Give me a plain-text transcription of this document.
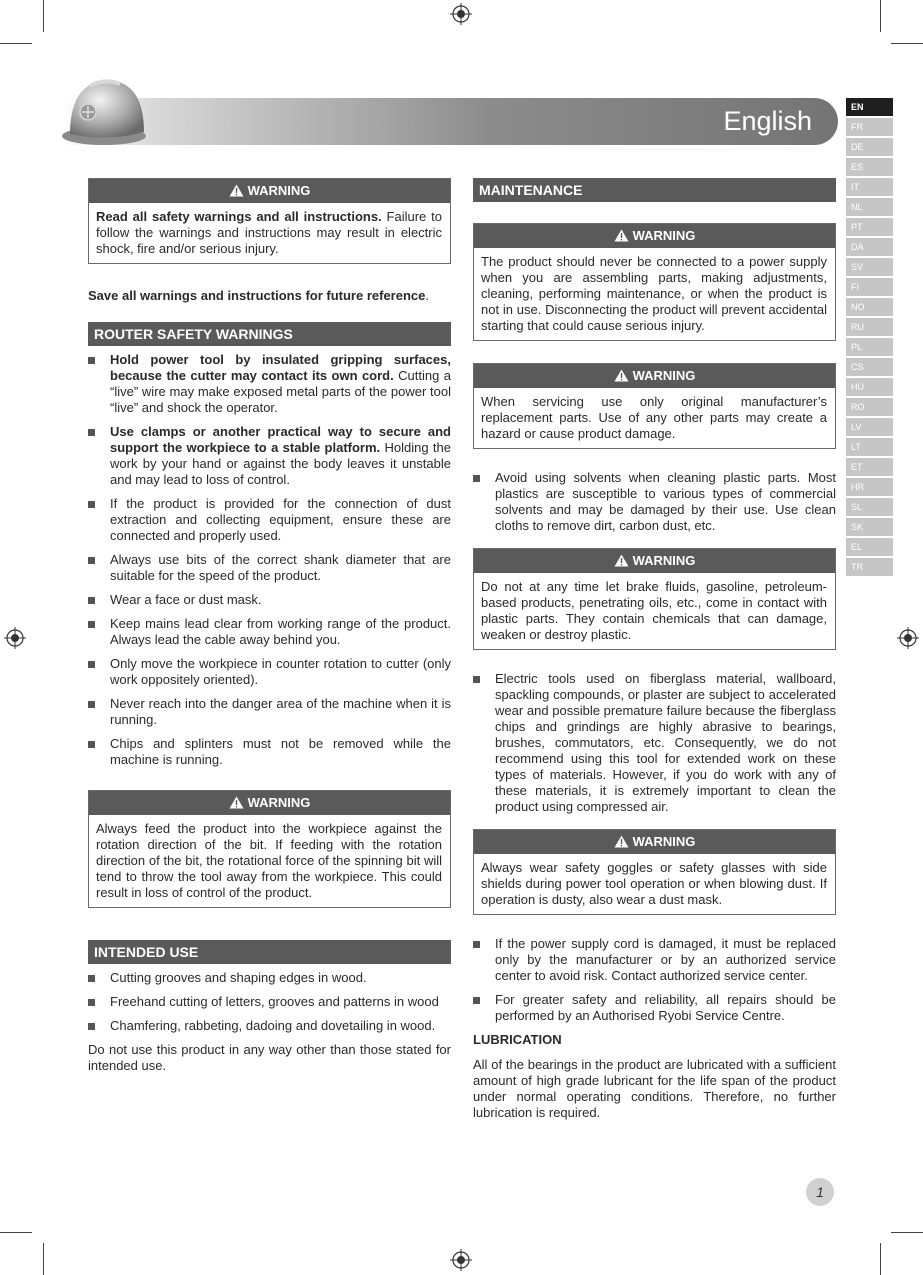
English	EN
FR
DE
ES
IT
NL
PT
DA
SV
FI
NO
RU
PL
CS
HU
RO
LV
LT
ET
HR
SL
SK
EL
TR
WARNING
Read all safety warnings and all instructions. Failure to follow the warnings and instructions may result in electric shock, fire and/or serious injury.

Save all warnings and instructions for future reference.

ROUTER SAFETY WARNINGS
Hold power tool by insulated gripping surfaces, because the cutter may contact its own cord. Cutting a “live” wire may make exposed metal parts of the power tool “live” and shock the operator.
Use clamps or another practical way to secure and support the workpiece to a stable platform. Holding the work by your hand or against the body leaves it unstable and may lead to loss of control.
If the product is provided for the connection of dust extraction and collecting equipment, ensure these are connected and properly used.
Always use bits of the correct shank diameter that are suitable for the speed of the product.
Wear a face or dust mask.
Keep mains lead clear from working range of the product. Always lead the cable away behind you.
Only move the workpiece in counter rotation to cutter (only work oppositely oriented).
Never reach into the danger area of the machine when it is running.
Chips and splinters must not be removed while the machine is running.
WARNING
Always feed the product into the workpiece against the rotation direction of the bit. If feeding with the rotation direction of the bit, the rotational force of the spinning bit will tend to throw the tool away from the workpiece. This could result in loss of control of the product.
INTENDED USE
Cutting grooves and shaping edges in wood.
Freehand cutting of letters, grooves and patterns in wood
Chamfering, rabbeting, dadoing and dovetailing in wood.

Do not use this product in any way other than those stated for intended use.

MAINTENANCE
WARNING
The product should never be connected to a power supply when you are assembling parts, making adjustments, cleaning, performing maintenance, or when the product is not in use. Disconnecting the product will prevent accidental starting that could cause serious injury.
WARNING
When servicing use only original manufacturer’s replacement parts. Use of any other parts may create a hazard or cause product damage.
Avoid using solvents when cleaning plastic parts. Most plastics are susceptible to various types of commercial solvents and may be damaged by their use. Use clean cloths to remove dirt, carbon dust, etc.
WARNING
Do not at any time let brake fluids, gasoline, petroleum-based products, penetrating oils, etc., come in contact with plastic parts. They contain chemicals that can damage, weaken or destroy plastic.
Electric tools used on fiberglass material, wallboard, spackling compounds, or plaster are subject to accelerated wear and possible premature failure because the fiberglass chips and grindings are highly abrasive to bearings, brushes, commutators, etc. Consequently, we do not recommend using this tool for extended work on these types of materials. However, if you do work with any of these materials, it is extremely important to clean the product using compressed air.
WARNING
Always wear safety goggles or safety glasses with side shields during power tool operation or when blowing dust. If operation is dusty, also wear a dust mask.
If the power supply cord is damaged, it must be replaced only by the manufacturer or by an authorized service center to avoid risk. Contact authorized service center.
For greater safety and reliability, all repairs should be performed by an Authorised Ryobi Service Centre.
LUBRICATION

All of the bearings in the product are lubricated with a sufficient amount of high grade lubricant for the life span of the product under normal operating conditions. Therefore, no further lubrication is required.

1
